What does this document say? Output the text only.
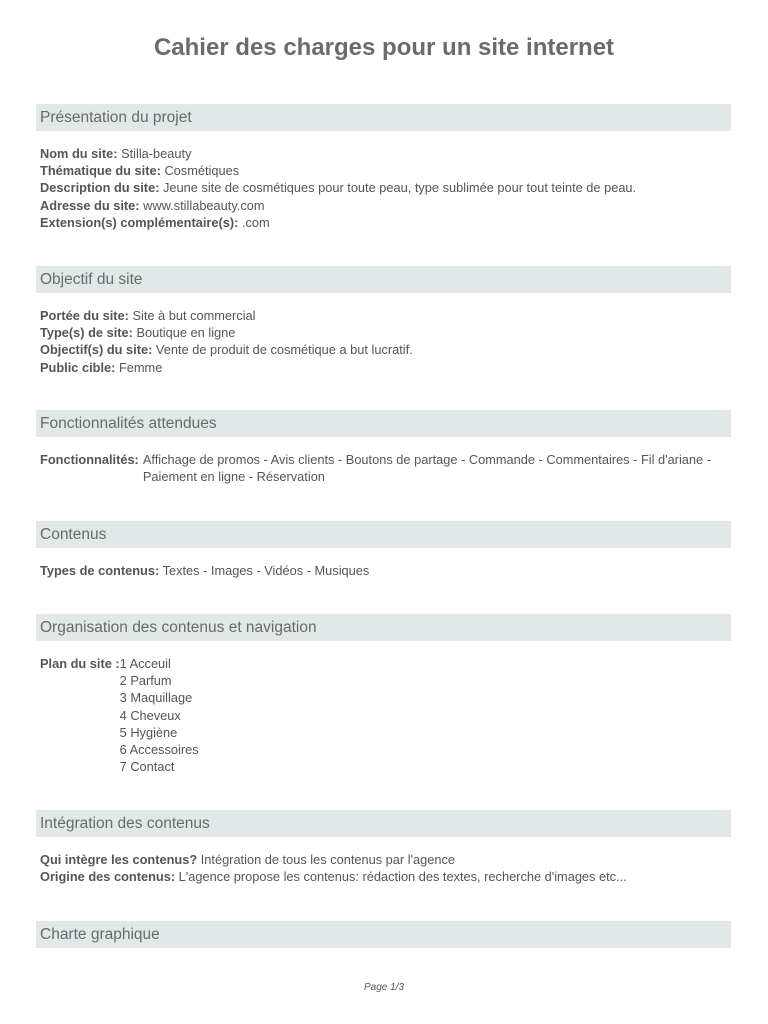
Cahier des charges pour un site internet
Présentation du projet
Nom du site: Stilla-beauty
Thématique du site: Cosmétiques
Description du site: Jeune site de cosmétiques pour toute peau, type sublimée pour tout teinte de peau.
Adresse du site: www.stillabeauty.com
Extension(s) complémentaire(s): .com
Objectif du site
Portée du site: Site à but commercial
Type(s) de site: Boutique en ligne
Objectif(s) du site: Vente de produit de cosmétique a but lucratif.
Public cible: Femme
Fonctionnalités attendues
Fonctionnalités: Affichage de promos - Avis clients - Boutons de partage - Commande - Commentaires - Fil d'ariane - Paiement en ligne - Réservation
Contenus
Types de contenus: Textes - Images - Vidéos - Musiques
Organisation des contenus et navigation
Plan du site : 1 Acceuil
2 Parfum
3 Maquillage
4 Cheveux
5 Hygiène
6 Accessoires
7 Contact
Intégration des contenus
Qui intègre les contenus? Intégration de tous les contenus par l'agence
Origine des contenus: L'agence propose les contenus: rédaction des textes, recherche d'images etc...
Charte graphique
Page 1/3
